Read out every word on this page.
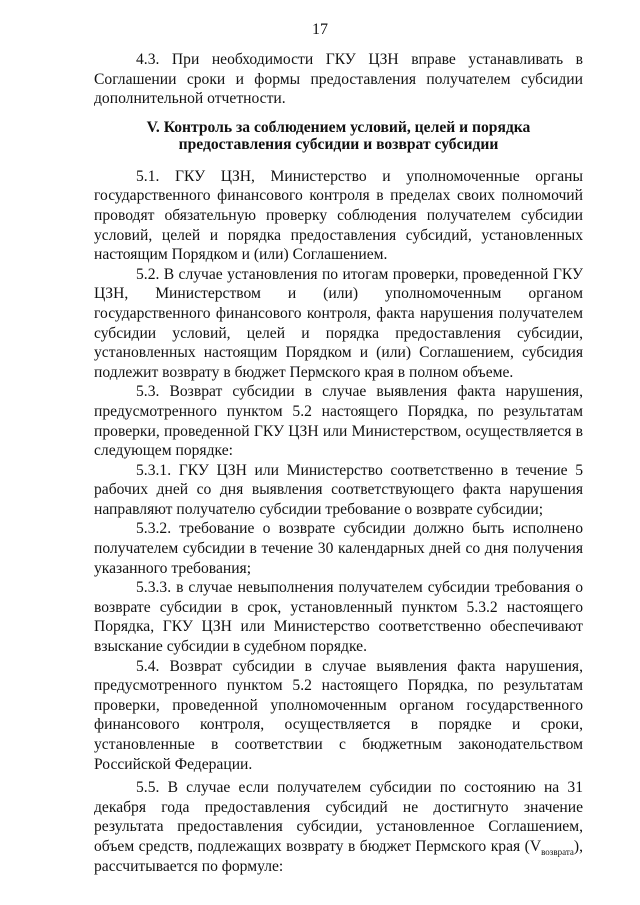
17

4.3. При необходимости ГКУ ЦЗН вправе устанавливать в Соглашении сроки и формы предоставления получателем субсидии дополнительной отчетности.

V. Контроль за соблюдением условий, целей и порядка
предоставления субсидии и возврат субсидии

5.1. ГКУ ЦЗН, Министерство и уполномоченные органы государственного финансового контроля в пределах своих полномочий проводят обязательную проверку соблюдения получателем субсидии условий, целей и порядка предоставления субсидий, установленных настоящим Порядком и (или) Соглашением.

5.2. В случае установления по итогам проверки, проведенной ГКУ ЦЗН, Министерством и (или) уполномоченным органом государственного финансового контроля, факта нарушения получателем субсидии условий, целей и порядка предоставления субсидии, установленных настоящим Порядком и (или) Соглашением, субсидия подлежит возврату в бюджет Пермского края в полном объеме.

5.3. Возврат субсидии в случае выявления факта нарушения, предусмотренного пунктом 5.2 настоящего Порядка, по результатам проверки, проведенной ГКУ ЦЗН или Министерством, осуществляется в следующем порядке:

5.3.1. ГКУ ЦЗН или Министерство соответственно в течение 5 рабочих дней со дня выявления соответствующего факта нарушения направляют получателю субсидии требование о возврате субсидии;

5.3.2. требование о возврате субсидии должно быть исполнено получателем субсидии в течение 30 календарных дней со дня получения указанного требования;

5.3.3. в случае невыполнения получателем субсидии требования о возврате субсидии в срок, установленный пунктом 5.3.2 настоящего Порядка, ГКУ ЦЗН или Министерство соответственно обеспечивают взыскание субсидии в судебном порядке.

5.4. Возврат субсидии в случае выявления факта нарушения, предусмотренного пунктом 5.2 настоящего Порядка, по результатам проверки, проведенной уполномоченным органом государственного финансового контроля, осуществляется в порядке и сроки, установленные в соответствии с бюджетным законодательством Российской Федерации.

5.5. В случае если получателем субсидии по состоянию на 31 декабря года предоставления субсидий не достигнуто значение результата предоставления субсидии, установленное Соглашением, объем средств, подлежащих возврату в бюджет Пермского края $(V_{возврата})$, рассчитывается по формуле:
